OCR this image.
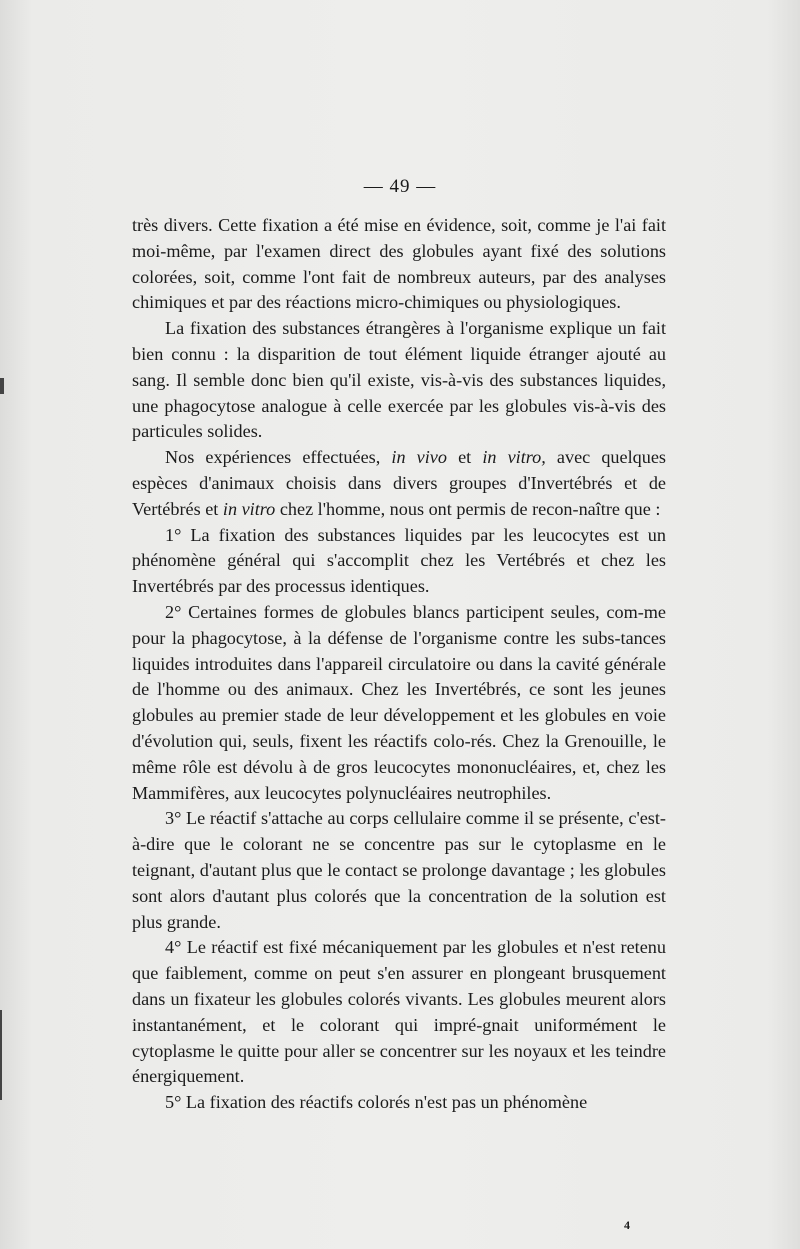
— 49 —

très divers. Cette fixation a été mise en évidence, soit, comme je l'ai fait moi-même, par l'examen direct des globules ayant fixé des solutions colorées, soit, comme l'ont fait de nombreux auteurs, par des analyses chimiques et par des réactions micro-chimiques ou physiologiques.

La fixation des substances étrangères à l'organisme explique un fait bien connu : la disparition de tout élément liquide étranger ajouté au sang. Il semble donc bien qu'il existe, vis-à-vis des substances liquides, une phagocytose analogue à celle exercée par les globules vis-à-vis des particules solides.

Nos expériences effectuées, in vivo et in vitro, avec quelques espèces d'animaux choisis dans divers groupes d'Invertébrés et de Vertébrés et in vitro chez l'homme, nous ont permis de recon-naître que :

1° La fixation des substances liquides par les leucocytes est un phénomène général qui s'accomplit chez les Vertébrés et chez les Invertébrés par des processus identiques.

2° Certaines formes de globules blancs participent seules, com-me pour la phagocytose, à la défense de l'organisme contre les subs-tances liquides introduites dans l'appareil circulatoire ou dans la cavité générale de l'homme ou des animaux. Chez les Invertébrés, ce sont les jeunes globules au premier stade de leur développement et les globules en voie d'évolution qui, seuls, fixent les réactifs colo-rés. Chez la Grenouille, le même rôle est dévolu à de gros leucocytes mononucléaires, et, chez les Mammifères, aux leucocytes polynucléaires neutrophiles.

3° Le réactif s'attache au corps cellulaire comme il se présente, c'est-à-dire que le colorant ne se concentre pas sur le cytoplasme en le teignant, d'autant plus que le contact se prolonge davantage ; les globules sont alors d'autant plus colorés que la concentration de la solution est plus grande.

4° Le réactif est fixé mécaniquement par les globules et n'est retenu que faiblement, comme on peut s'en assurer en plongeant brusquement dans un fixateur les globules colorés vivants. Les globules meurent alors instantanément, et le colorant qui impré-gnait uniformément le cytoplasme le quitte pour aller se concentrer sur les noyaux et les teindre énergiquement.

5° La fixation des réactifs colorés n'est pas un phénomène

4
